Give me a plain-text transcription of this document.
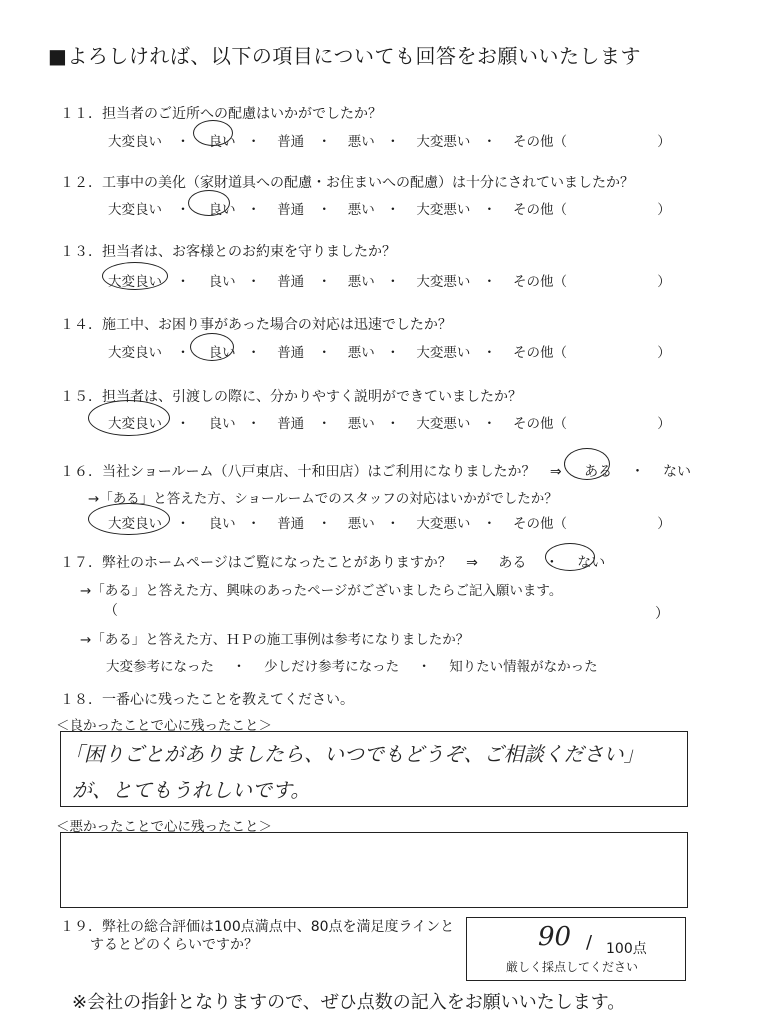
■よろしければ、以下の項目についても回答をお願いいたします
１１．担当者のご近所への配慮はいかがでしたか？
大変良い ・ 良い ・ 普通 ・ 悪い ・ 大変悪い ・ その他（	）
１２．工事中の美化（家財道具への配慮・お住まいへの配慮）は十分にされていましたか？
大変良い ・ 良い ・ 普通 ・ 悪い ・ 大変悪い ・ その他（	）
１３．担当者は、お客様とのお約束を守りましたか？
大変良い ・ 良い ・ 普通 ・ 悪い ・ 大変悪い ・ その他（	）
１４．施工中、お困り事があった場合の対応は迅速でしたか？
大変良い ・ 良い ・ 普通 ・ 悪い ・ 大変悪い ・ その他（	）
１５．担当者は、引渡しの際に、分かりやすく説明ができていましたか？
大変良い ・ 良い ・ 普通 ・ 悪い ・ 大変悪い ・ その他（	）
１６．当社ショールーム（八戸東店、十和田店）はご利用になりましたか？ ⇒ ある ・ ない
→「ある」と答えた方、ショールームでのスタッフの対応はいかがでしたか？
大変良い ・ 良い ・ 普通 ・ 悪い ・ 大変悪い ・ その他（	）
１７．弊社のホームページはご覧になったことがありますか？ ⇒ ある ・ ない
→「ある」と答えた方、興味のあったページがございましたらご記入願います。
（	）
→「ある」と答えた方、ＨＰの施工事例は参考になりましたか？
大変参考になった ・ 少しだけ参考になった ・ 知りたい情報がなかった
１８．一番心に残ったことを教えてください。
＜良かったことで心に残ったこと＞
「困りごとがありましたら、いつでもどうぞ、ご相談ください」
が、とてもうれしいです。
＜悪かったことで心に残ったこと＞
１９．弊社の総合評価は100点満点中、80点を満足度ラインと
するとどのくらいですか？	90 / 100点
厳しく採点してください
※会社の指針となりますので、ぜひ点数の記入をお願いいたします。
